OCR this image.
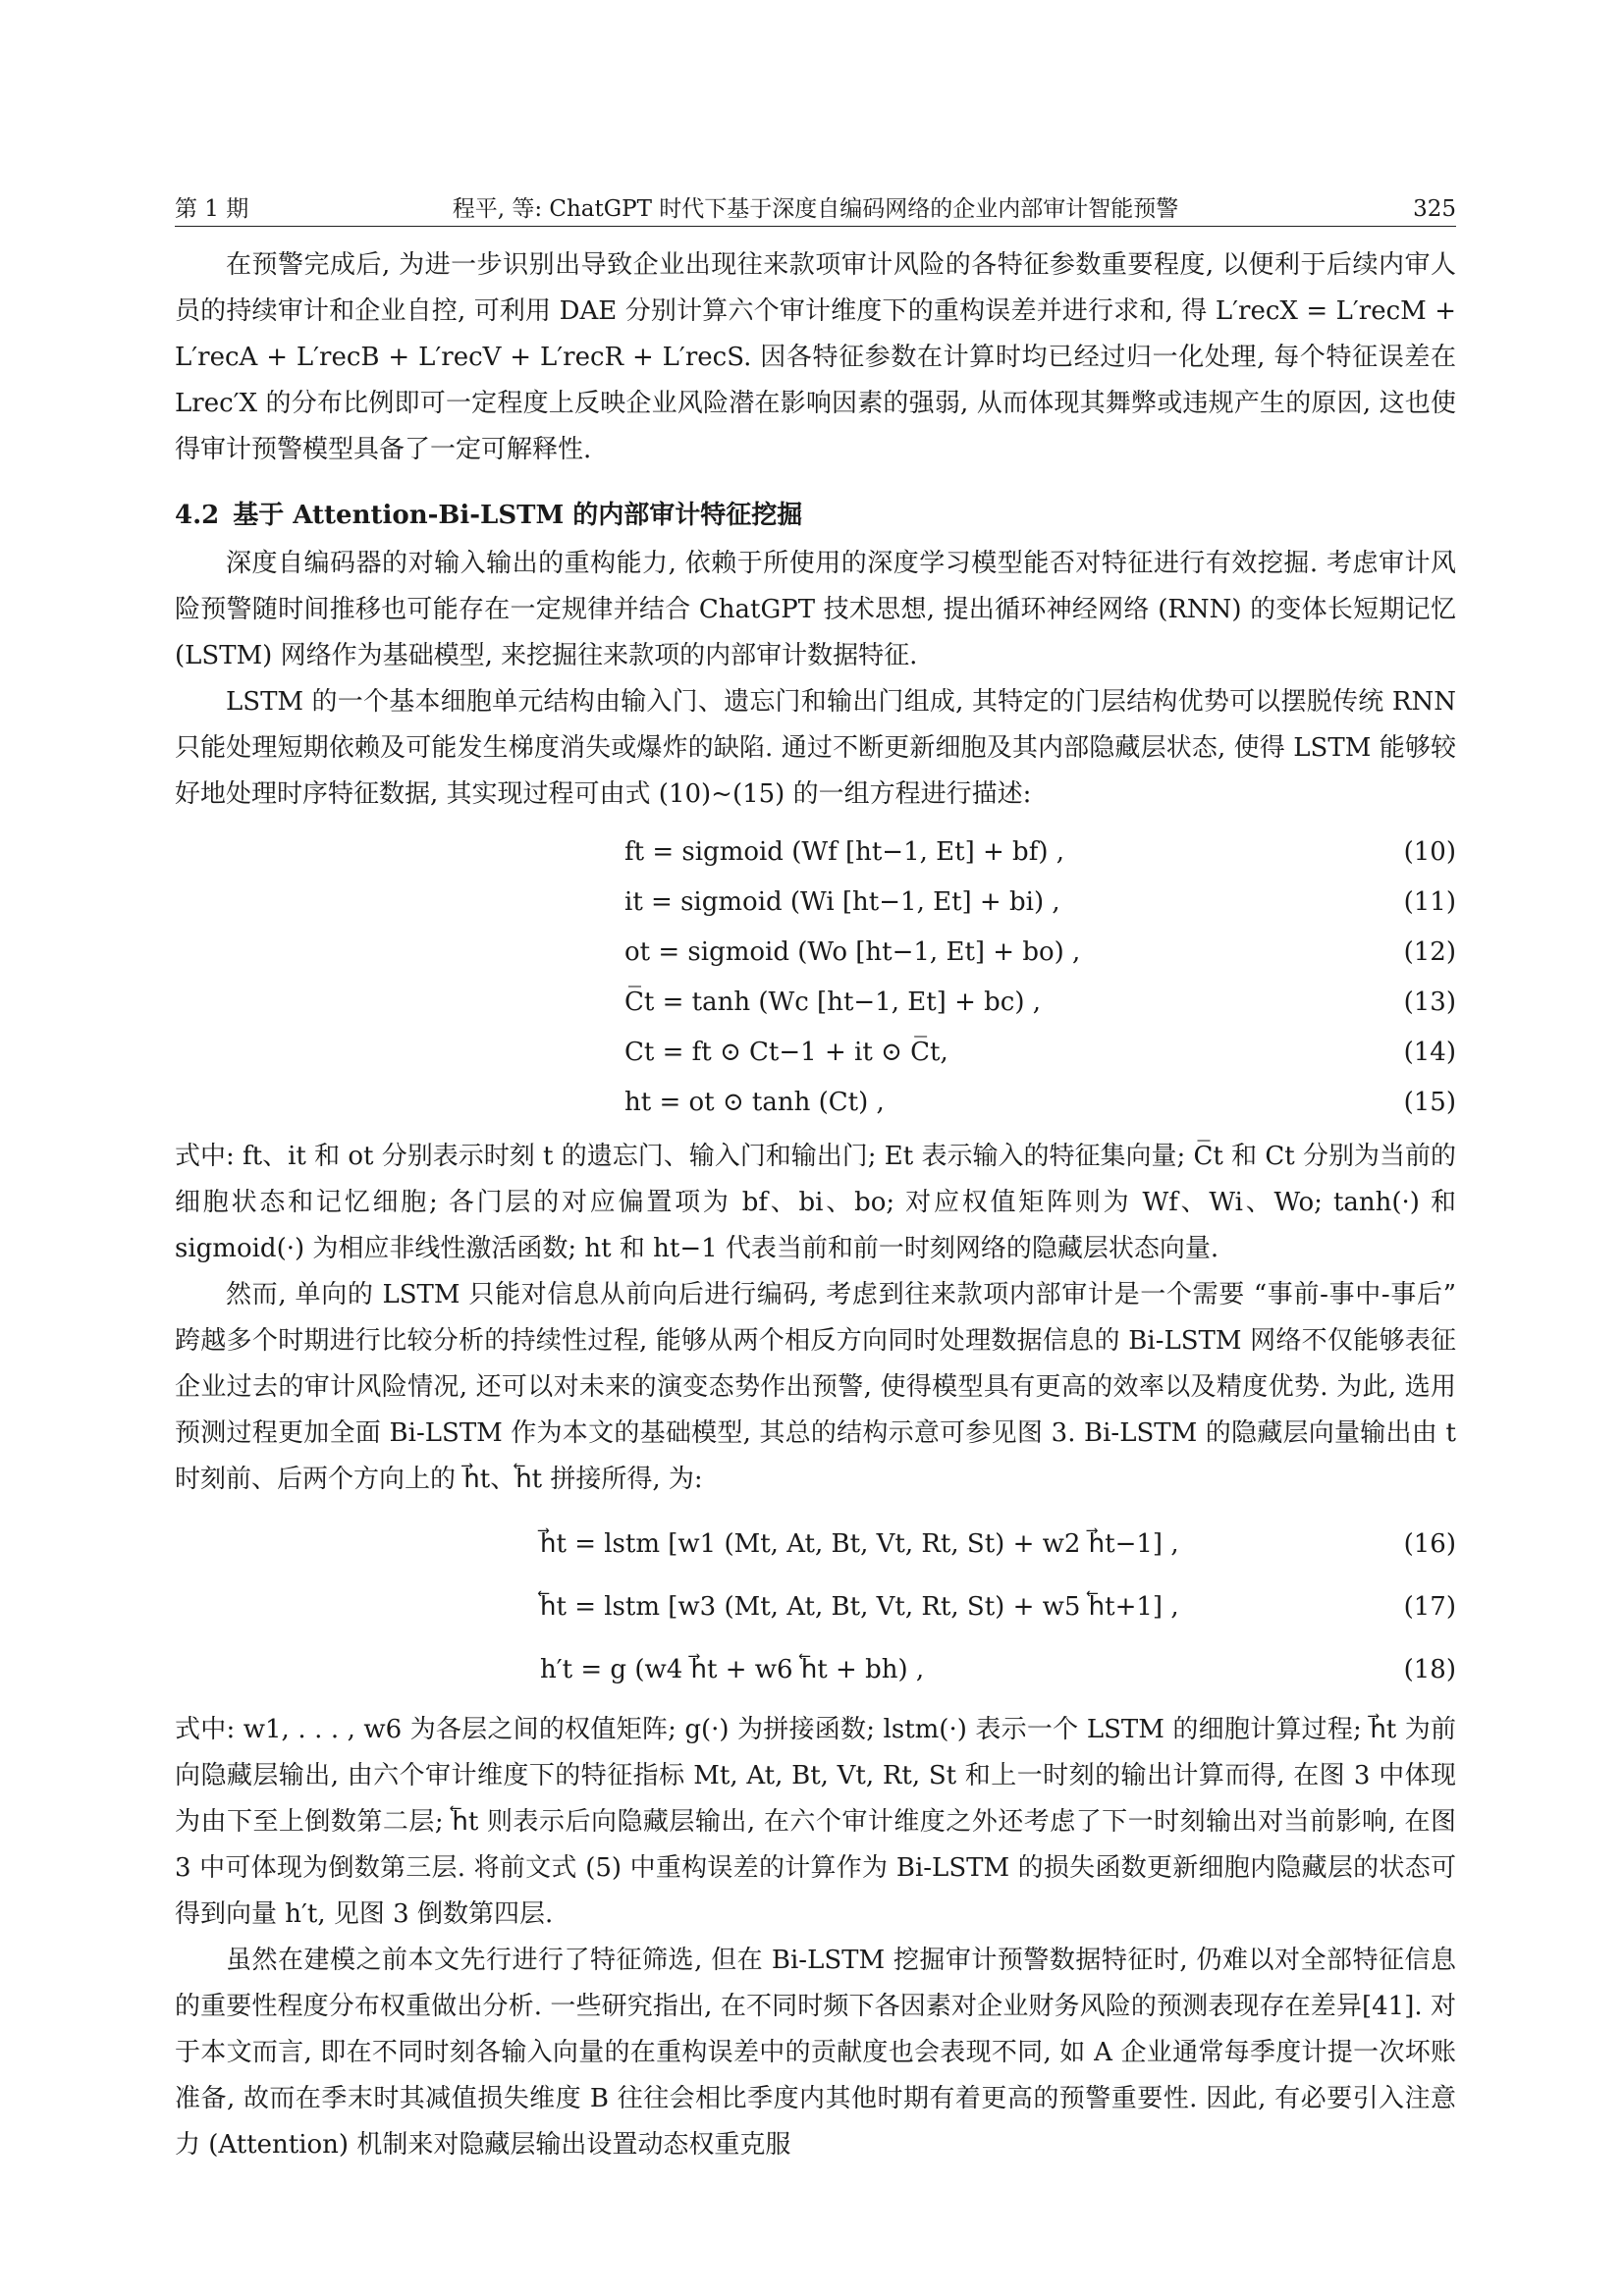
第 1 期	程平, 等: ChatGPT 时代下基于深度自编码网络的企业内部审计智能预警	325

在预警完成后, 为进一步识别出导致企业出现往来款项审计风险的各特征参数重要程度, 以便利于后续内审人员的持续审计和企业自控, 可利用 DAE 分别计算六个审计维度下的重构误差并进行求和, 得 L′recX = L′recM + L′recA + L′recB + L′recV + L′recR + L′recS. 因各特征参数在计算时均已经过归一化处理, 每个特征误差在 Lrec′X 的分布比例即可一定程度上反映企业风险潜在影响因素的强弱, 从而体现其舞弊或违规产生的原因, 这也使得审计预警模型具备了一定可解释性.

4.2 基于 Attention-Bi-LSTM 的内部审计特征挖掘

深度自编码器的对输入输出的重构能力, 依赖于所使用的深度学习模型能否对特征进行有效挖掘. 考虑审计风险预警随时间推移也可能存在一定规律并结合 ChatGPT 技术思想, 提出循环神经网络 (RNN) 的变体长短期记忆 (LSTM) 网络作为基础模型, 来挖掘往来款项的内部审计数据特征.

LSTM 的一个基本细胞单元结构由输入门、遗忘门和输出门组成, 其特定的门层结构优势可以摆脱传统 RNN 只能处理短期依赖及可能发生梯度消失或爆炸的缺陷. 通过不断更新细胞及其内部隐藏层状态, 使得 LSTM 能够较好地处理时序特征数据, 其实现过程可由式 (10)~(15) 的一组方程进行描述:

ft = sigmoid (Wf [ht−1, Et] + bf) ,	(10)
it = sigmoid (Wi [ht−1, Et] + bi) ,	(11)
ot = sigmoid (Wo [ht−1, Et] + bo) ,	(12)
C̅t = tanh (Wc [ht−1, Et] + bc) ,	(13)
Ct = ft ⊙ Ct−1 + it ⊙ C̅t,	(14)
ht = ot ⊙ tanh (Ct) ,	(15)

式中: ft、it 和 ot 分别表示时刻 t 的遗忘门、输入门和输出门; Et 表示输入的特征集向量; C̅t 和 Ct 分别为当前的细胞状态和记忆细胞; 各门层的对应偏置项为 bf、bi、bo; 对应权值矩阵则为 Wf、Wi、Wo; tanh(·) 和 sigmoid(·) 为相应非线性激活函数; ht 和 ht−1 代表当前和前一时刻网络的隐藏层状态向量.

然而, 单向的 LSTM 只能对信息从前向后进行编码, 考虑到往来款项内部审计是一个需要 “事前-事中-事后” 跨越多个时期进行比较分析的持续性过程, 能够从两个相反方向同时处理数据信息的 Bi-LSTM 网络不仅能够表征企业过去的审计风险情况, 还可以对未来的演变态势作出预警, 使得模型具有更高的效率以及精度优势. 为此, 选用预测过程更加全面 Bi-LSTM 作为本文的基础模型, 其总的结构示意可参见图 3. Bi-LSTM 的隐藏层向量输出由 t 时刻前、后两个方向上的 h⃗t、h⃖t 拼接所得, 为:

h⃗t = lstm [w1 (Mt, At, Bt, Vt, Rt, St) + w2 h⃗t−1] ,	(16)
h⃖t = lstm [w3 (Mt, At, Bt, Vt, Rt, St) + w5 h⃖t+1] ,	(17)
h′t = g (w4 h⃗t + w6 h⃖t + bh) ,	(18)

式中: w1, . . . , w6 为各层之间的权值矩阵; g(·) 为拼接函数; lstm(·) 表示一个 LSTM 的细胞计算过程; h⃗t 为前向隐藏层输出, 由六个审计维度下的特征指标 Mt, At, Bt, Vt, Rt, St 和上一时刻的输出计算而得, 在图 3 中体现为由下至上倒数第二层; h⃖t 则表示后向隐藏层输出, 在六个审计维度之外还考虑了下一时刻输出对当前影响, 在图 3 中可体现为倒数第三层. 将前文式 (5) 中重构误差的计算作为 Bi-LSTM 的损失函数更新细胞内隐藏层的状态可得到向量 h′t, 见图 3 倒数第四层.

虽然在建模之前本文先行进行了特征筛选, 但在 Bi-LSTM 挖掘审计预警数据特征时, 仍难以对全部特征信息的重要性程度分布权重做出分析. 一些研究指出, 在不同时频下各因素对企业财务风险的预测表现存在差异[41]. 对于本文而言, 即在不同时刻各输入向量的在重构误差中的贡献度也会表现不同, 如 A 企业通常每季度计提一次坏账准备, 故而在季末时其减值损失维度 B 往往会相比季度内其他时期有着更高的预警重要性. 因此, 有必要引入注意力 (Attention) 机制来对隐藏层输出设置动态权重克服
